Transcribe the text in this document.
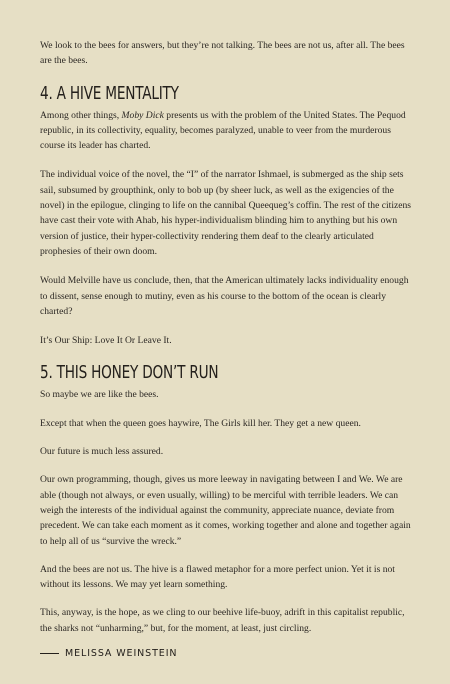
We look to the bees for answers, but they’re not talking. The bees are not us, after all. The bees are the bees.

4. A HIVE MENTALITY

Among other things, Moby Dick presents us with the problem of the United States. The Pequod republic, in its collectivity, equality, becomes paralyzed, unable to veer from the murderous course its leader has charted.

The individual voice of the novel, the “I” of the narrator Ishmael, is submerged as the ship sets sail, subsumed by groupthink, only to bob up (by sheer luck, as well as the exigencies of the novel) in the epilogue, clinging to life on the cannibal Queequeg’s coffin. The rest of the citizens have cast their vote with Ahab, his hyper-individualism blinding him to anything but his own version of justice, their hyper-collectivity rendering them deaf to the clearly articulated prophesies of their own doom.

Would Melville have us conclude, then, that the American ultimately lacks individuality enough to dissent, sense enough to mutiny, even as his course to the bottom of the ocean is clearly charted?

It’s Our Ship: Love It Or Leave It.

5. THIS HONEY DON’T RUN

So maybe we are like the bees.

Except that when the queen goes haywire, The Girls kill her. They get a new queen.

Our future is much less assured.

Our own programming, though, gives us more leeway in navigating between I and We. We are able (though not always, or even usually, willing) to be merciful with terrible leaders. We can weigh the interests of the individual against the community, appreciate nuance, deviate from precedent. We can take each moment as it comes, working together and alone and together again to help all of us “survive the wreck.”

And the bees are not us. The hive is a flawed metaphor for a more perfect union. Yet it is not without its lessons. We may yet learn something.

This, anyway, is the hope, as we cling to our beehive life-buoy, adrift in this capitalist republic, the sharks not “unharming,” but, for the moment, at least, just circling.

MELISSA WEINSTEIN
